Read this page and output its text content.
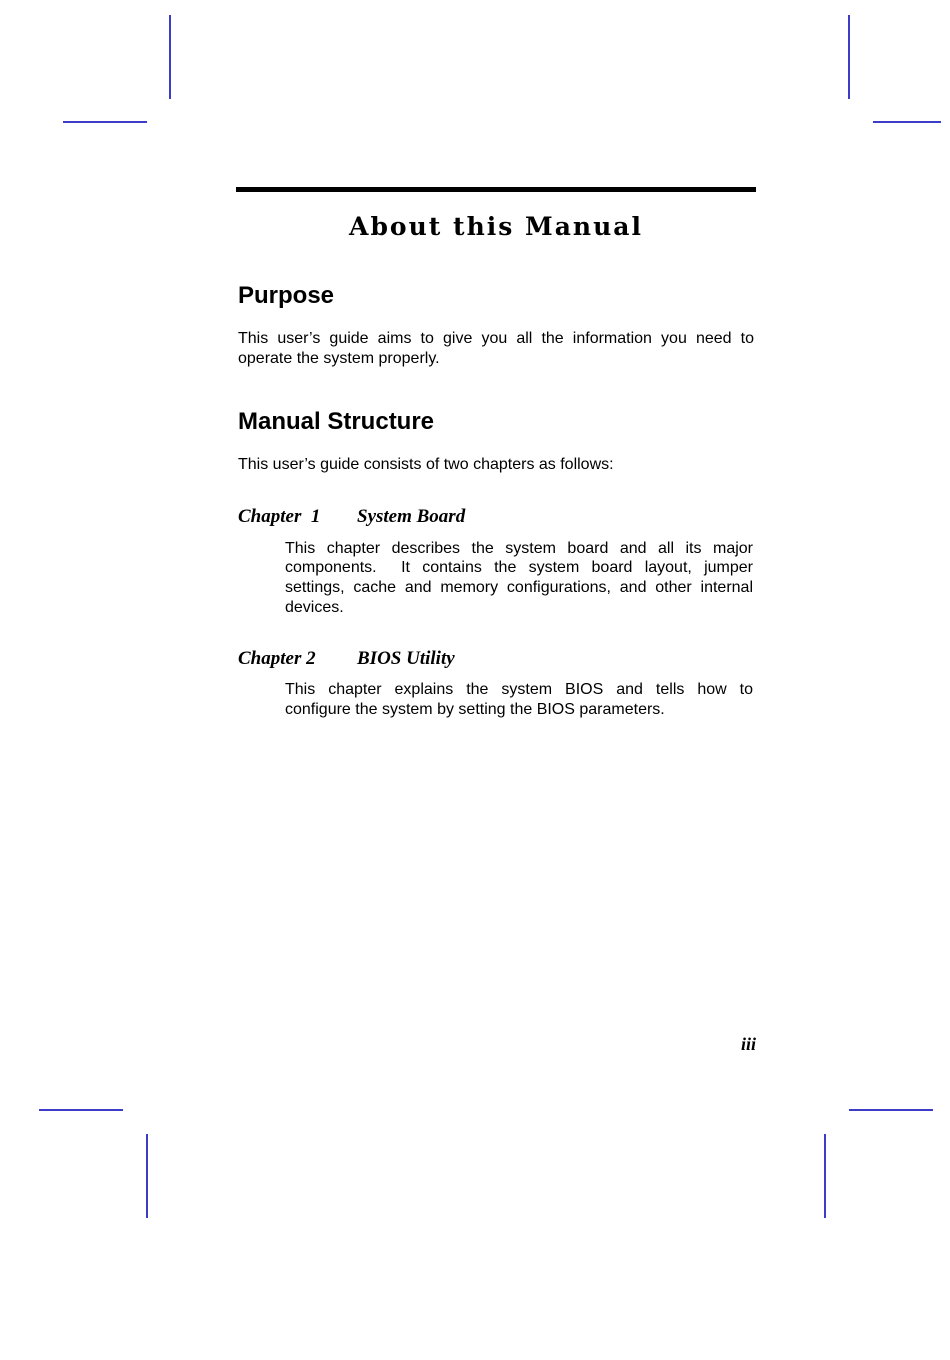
About this Manual
Purpose
This user’s guide aims to give you all the information you need to
operate the system properly.
Manual Structure
This user’s guide consists of two chapters as follows:
Chapter  1 System Board
This chapter describes the system board and all its major
components.  It contains the system board layout, jumper
settings, cache and memory configurations, and other internal
devices.
Chapter 2 BIOS Utility
This chapter explains the system BIOS and tells how to
configure the system by setting the BIOS parameters.
iii
